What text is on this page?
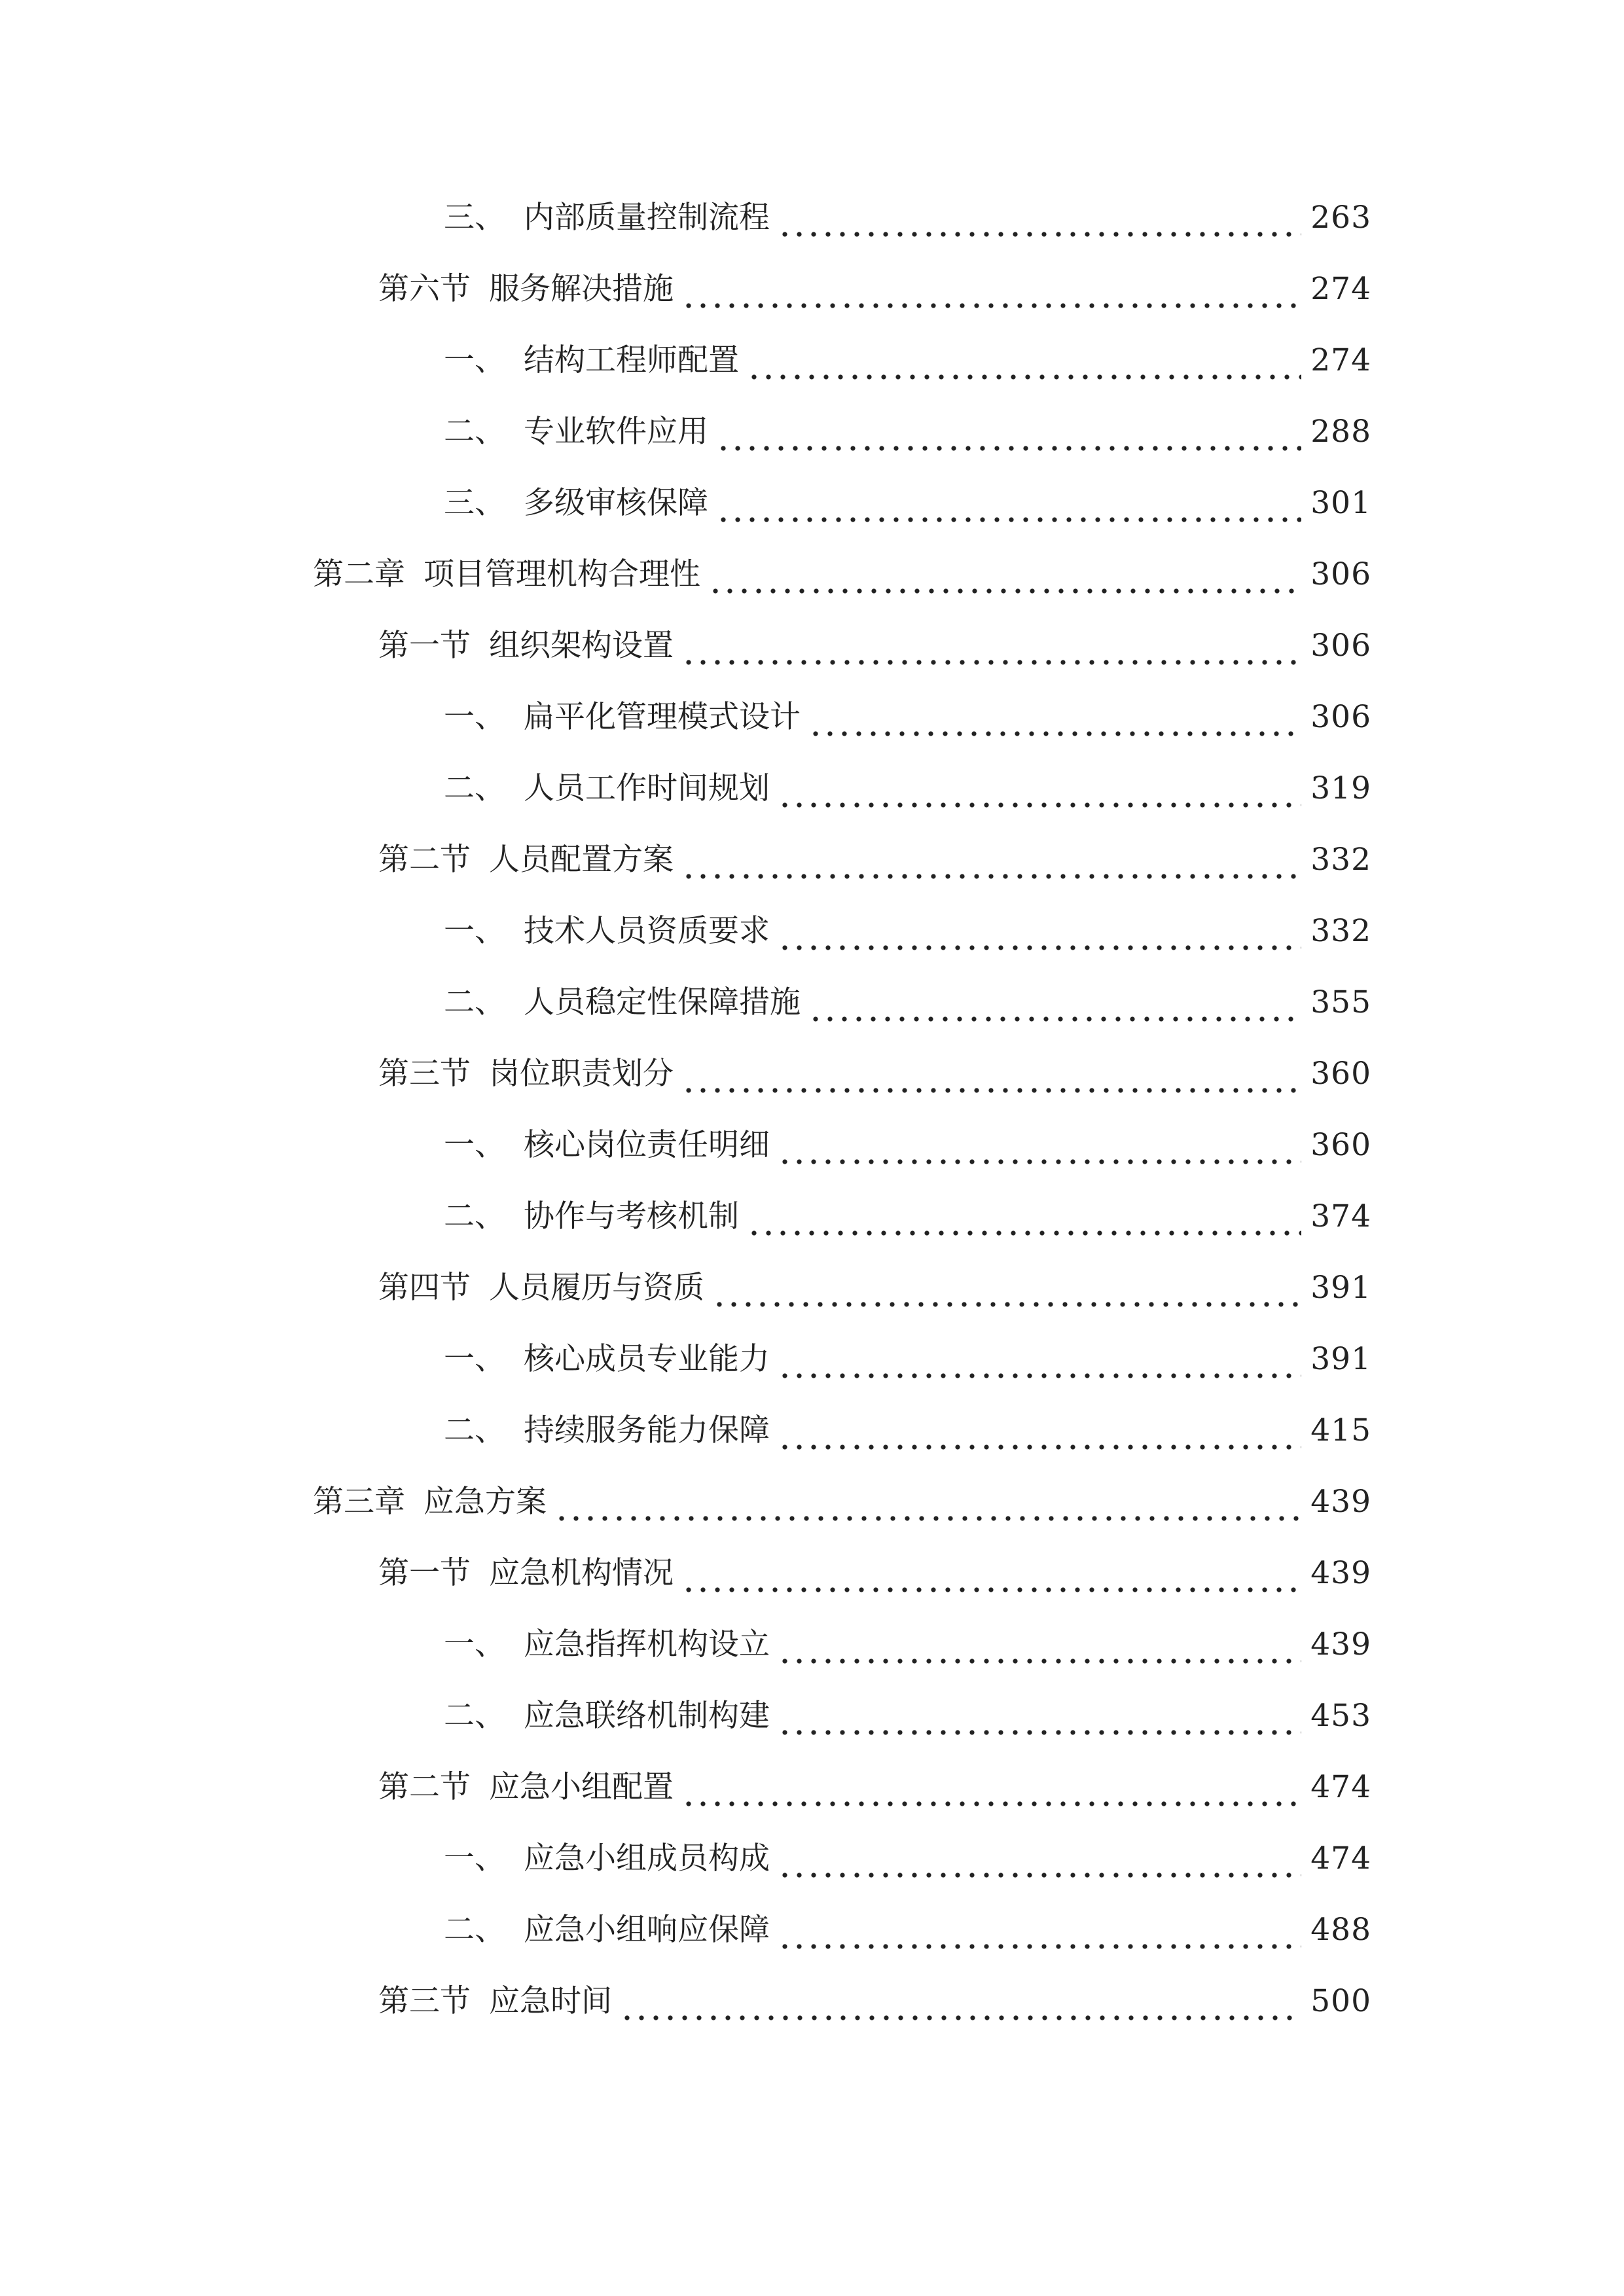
三、 内部质量控制流程	263
第六节 服务解决措施	274
一、 结构工程师配置	274
二、 专业软件应用	288
三、 多级审核保障	301
第二章 项目管理机构合理性	306
第一节 组织架构设置	306
一、 扁平化管理模式设计	306
二、 人员工作时间规划	319
第二节 人员配置方案	332
一、 技术人员资质要求	332
二、 人员稳定性保障措施	355
第三节 岗位职责划分	360
一、 核心岗位责任明细	360
二、 协作与考核机制	374
第四节 人员履历与资质	391
一、 核心成员专业能力	391
二、 持续服务能力保障	415
第三章 应急方案	439
第一节 应急机构情况	439
一、 应急指挥机构设立	439
二、 应急联络机制构建	453
第二节 应急小组配置	474
一、 应急小组成员构成	474
二、 应急小组响应保障	488
第三节 应急时间	500
